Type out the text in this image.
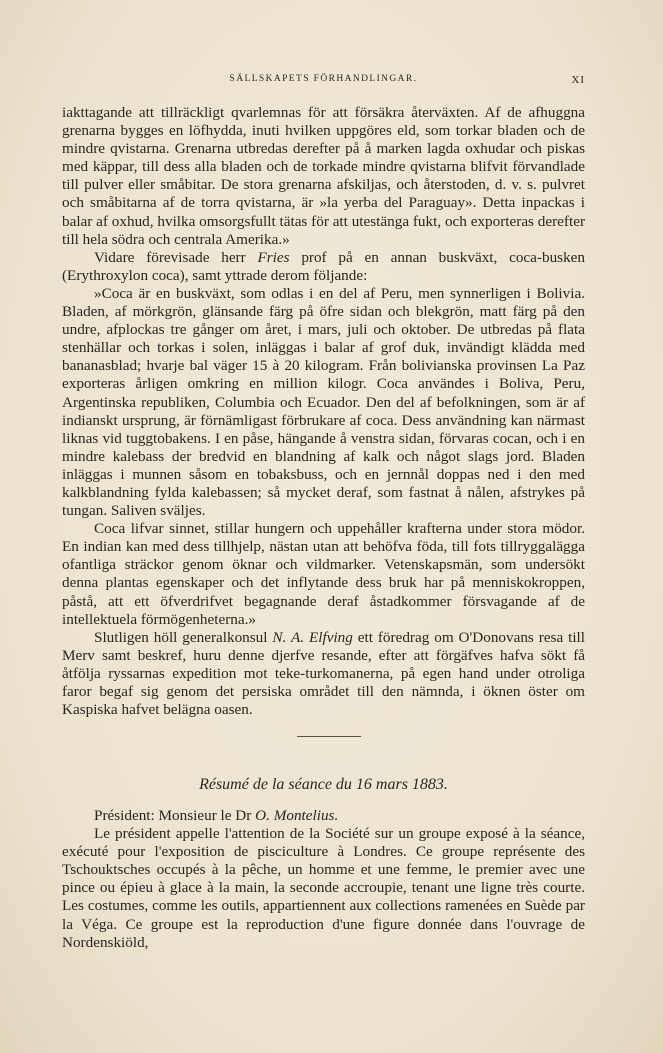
SÄLLSKAPETS FÖRHANDLINGAR.	XI

iakttagande att tillräckligt qvarlemnas för att försäkra återväxten. Af de afhuggna grenarna bygges en löfhydda, inuti hvilken uppgöres eld, som torkar bladen och de mindre qvistarna. Grenarna utbredas derefter på å marken lagda oxhudar och piskas med käppar, till dess alla bladen och de torkade mindre qvistarna blifvit förvandlade till pulver eller småbitar. De stora grenarna afskiljas, och återstoden, d. v. s. pulvret och småbitarna af de torra qvistarna, är »la yerba del Paraguay». Detta inpackas i balar af oxhud, hvilka omsorgsfullt tätas för att utestänga fukt, och exporteras derefter till hela södra och centrala Amerika.»

Vidare förevisade herr Fries prof på en annan buskväxt, coca-busken (Erythroxylon coca), samt yttrade derom följande:

»Coca är en buskväxt, som odlas i en del af Peru, men synnerligen i Bolivia. Bladen, af mörkgrön, glänsande färg på öfre sidan och blekgrön, matt färg på den undre, afplockas tre gånger om året, i mars, juli och oktober. De utbredas på flata stenhällar och torkas i solen, inläggas i balar af grof duk, invändigt klädda med bananasblad; hvarje bal väger 15 à 20 kilogram. Från bolivianska provinsen La Paz exporteras årligen omkring en million kilogr. Coca användes i Boliva, Peru, Argentinska republiken, Columbia och Ecuador. Den del af befolkningen, som är af indianskt ursprung, är förnämligast förbrukare af coca. Dess användning kan närmast liknas vid tuggtobakens. I en påse, hängande å venstra sidan, förvaras cocan, och i en mindre kalebass der bredvid en blandning af kalk och något slags jord. Bladen inläggas i munnen såsom en tobaksbuss, och en jernnål doppas ned i den med kalkblandning fylda kalebassen; så mycket deraf, som fastnat å nålen, afstrykes på tungan. Saliven sväljes.

Coca lifvar sinnet, stillar hungern och uppehåller krafterna under stora mödor. En indian kan med dess tillhjelp, nästan utan att behöfva föda, till fots tillryggalägga ofantliga sträckor genom öknar och vildmarker. Vetenskapsmän, som undersökt denna plantas egenskaper och det inflytande dess bruk har på menniskokroppen, påstå, att ett öfverdrifvet begagnande deraf åstadkommer försvagande af de intellektuela förmögenheterna.»

Slutligen höll generalkonsul N. A. Elfving ett föredrag om O'Donovans resa till Merv samt beskref, huru denne djerfve resande, efter att förgäfves hafva sökt få åtfölja ryssarnas expedition mot teke-turkomanerna, på egen hand under otroliga faror begaf sig genom det persiska området till den nämnda, i öknen öster om Kaspiska hafvet belägna oasen.

Résumé de la séance du 16 mars 1883.

Président: Monsieur le Dr O. Montelius.

Le président appelle l'attention de la Société sur un groupe exposé à la séance, exécuté pour l'exposition de pisciculture à Londres. Ce groupe représente des Tschouktsches occupés à la pêche, un homme et une femme, le premier avec une pince ou épieu à glace à la main, la seconde accroupie, tenant une ligne très courte. Les costumes, comme les outils, appartiennent aux collections ramenées en Suède par la Véga. Ce groupe est la reproduction d'une figure donnée dans l'ouvrage de Nordenskiöld,
